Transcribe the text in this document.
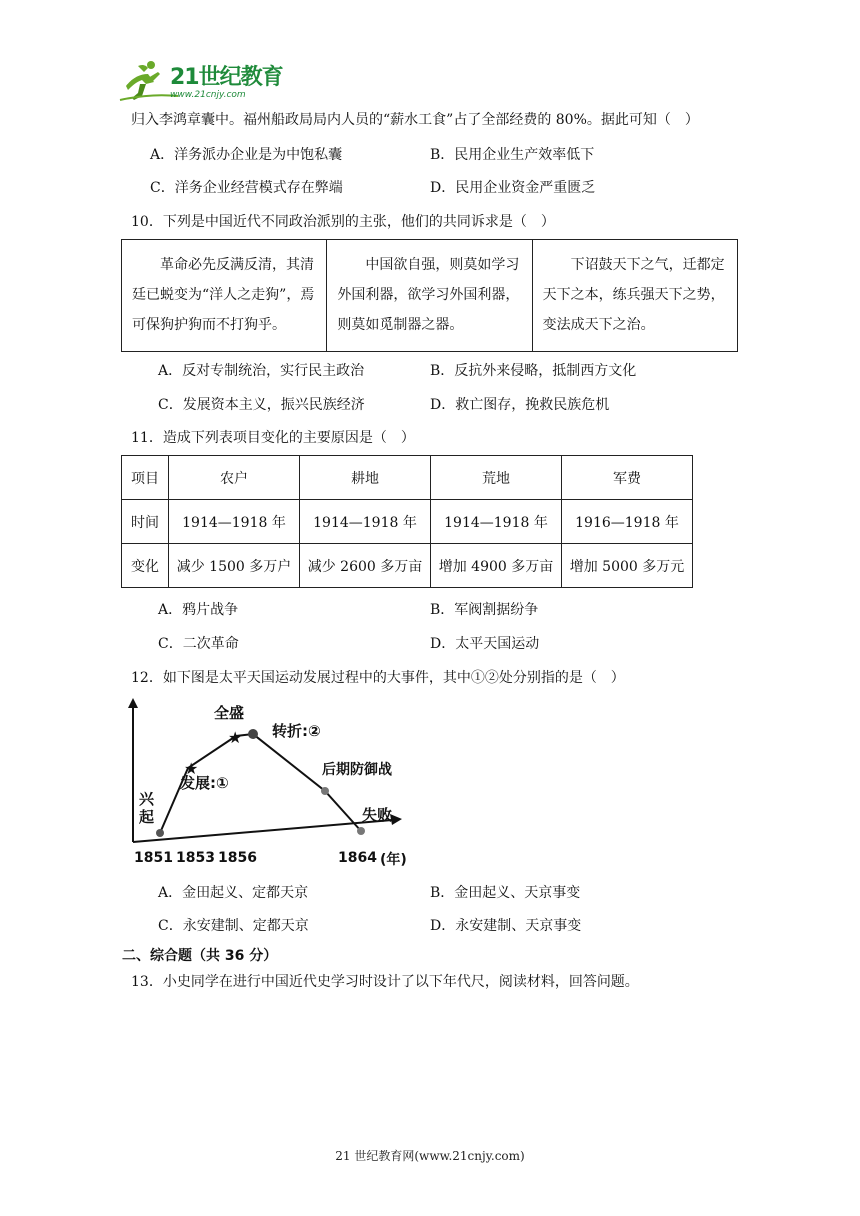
21世纪教育
www.21cnjy.com
归入李鸿章囊中。福州船政局局内人员的“薪水工食”占了全部经费的 80%。据此可知（　）
A．洋务派办企业是为中饱私囊	B．民用企业生产效率低下
C．洋务企业经营模式存在弊端	D．民用企业资金严重匮乏
10．下列是中国近代不同政治派别的主张，他们的共同诉求是（　）
革命必先反满反清，其清廷已蜕变为“洋人之走狗”，焉可保狗护狗而不打狗乎。
中国欲自强，则莫如学习外国利器，欲学习外国利器，则莫如觅制器之器。
下诏鼓天下之气，迁都定天下之本，练兵强天下之势，变法成天下之治。
A．反对专制统治，实行民主政治	B．反抗外来侵略，抵制西方文化
C．发展资本主义，振兴民族经济	D．救亡图存，挽救民族危机
11．造成下列表项目变化的主要原因是（　）
项目	农户	耕地	荒地	军费
时间	1914—1918 年	1914—1918 年	1914—1918 年	1916—1918 年
变化	减少 1500 多万户	减少 2600 多万亩	增加 4900 多万亩	增加 5000 多万元
A．鸦片战争	B．军阀割据纷争
C．二次革命	D．太平天国运动
12．如下图是太平天国运动发展过程中的大事件，其中①②处分别指的是（　）
★
★
兴
起
发展:①
全盛
转折:②
后期防御战
失败
1851 1853 1856	1864 (年)
A．金田起义、定都天京	B．金田起义、天京事变
C．永安建制、定都天京	D．永安建制、天京事变
二、综合题（共 36 分）
13．小史同学在进行中国近代史学习时设计了以下年代尺，阅读材料，回答问题。
21 世纪教育网(www.21cnjy.com)
